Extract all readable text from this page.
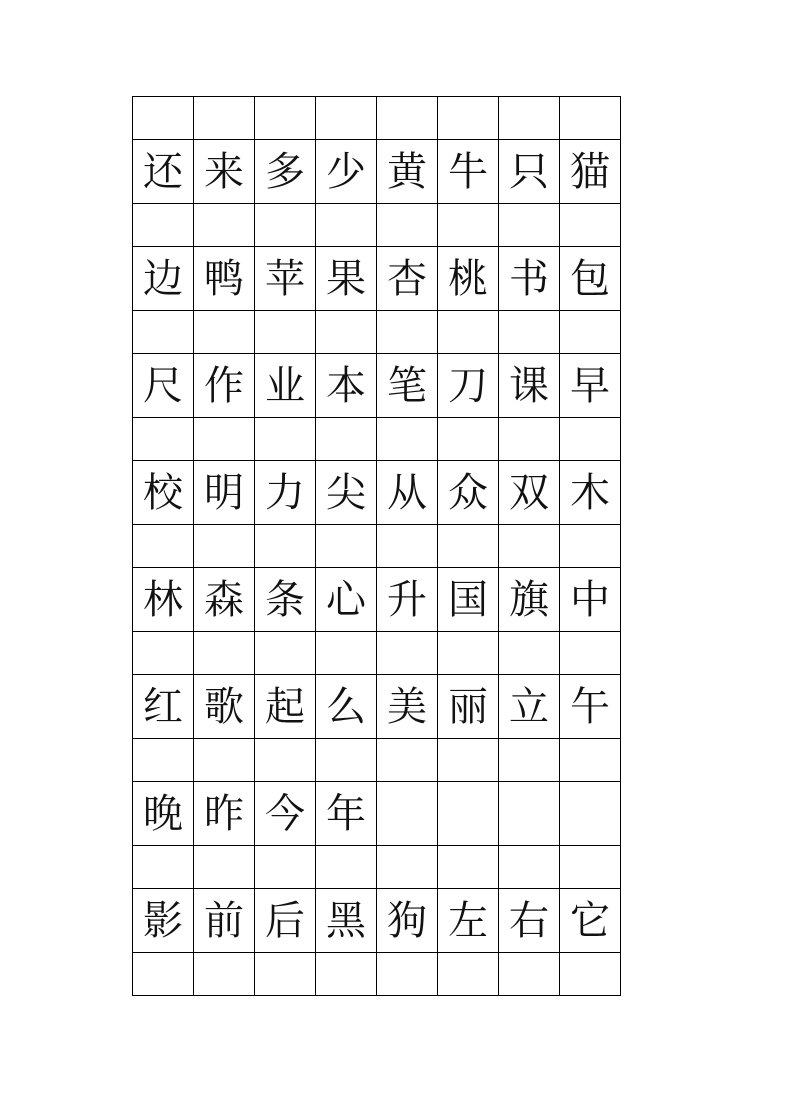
还	来	多	少	黄	牛	只	猫

边	鸭	苹	果	杏	桃	书	包

尺	作	业	本	笔	刀	课	早

校	明	力	尖	从	众	双	木

林	森	条	心	升	国	旗	中

红	歌	起	么	美	丽	立	午

晚	昨	今	年				

影	前	后	黑	狗	左	右	它
